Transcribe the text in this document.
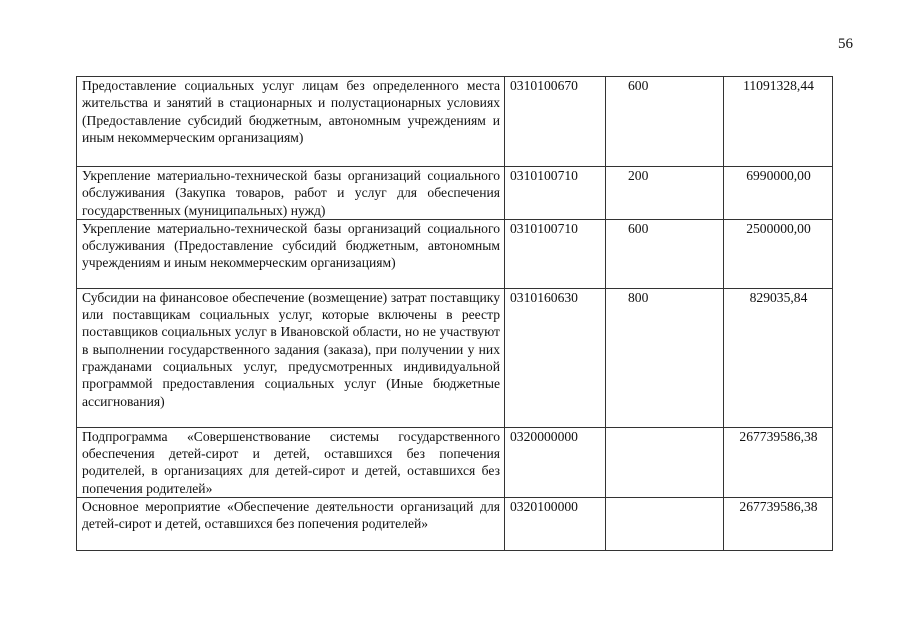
56
Предоставление социальных услуг лицам без определенного места жительства и занятий в стационарных и полустационарных условиях (Предоставление субсидий бюджетным, автономным учреждениям и иным некоммерческим организациям)	0310100670	600	11091328,44
Укрепление материально-технической базы организаций социального обслуживания (Закупка товаров, работ и услуг для обеспечения государственных (муниципальных) нужд)	0310100710	200	6990000,00
Укрепление материально-технической базы организаций социального обслуживания (Предоставление субсидий бюджетным, автономным учреждениям и иным некоммерческим организациям)	0310100710	600	2500000,00
Субсидии на финансовое обеспечение (возмещение) затрат поставщику или поставщикам социальных услуг, которые включены в реестр поставщиков социальных услуг в Ивановской области, но не участвуют в выполнении государственного задания (заказа), при получении у них гражданами социальных услуг, предусмотренных индивидуальной программой предоставления социальных услуг (Иные бюджетные ассигнования)	0310160630	800	829035,84
Подпрограмма «Совершенствование системы государственного обеспечения детей-сирот и детей, оставшихся без попечения родителей, в организациях для детей-сирот и детей, оставшихся без попечения родителей»	0320000000		267739586,38
Основное мероприятие «Обеспечение деятельности организаций для детей-сирот и детей, оставшихся без попечения родителей»	0320100000		267739586,38
